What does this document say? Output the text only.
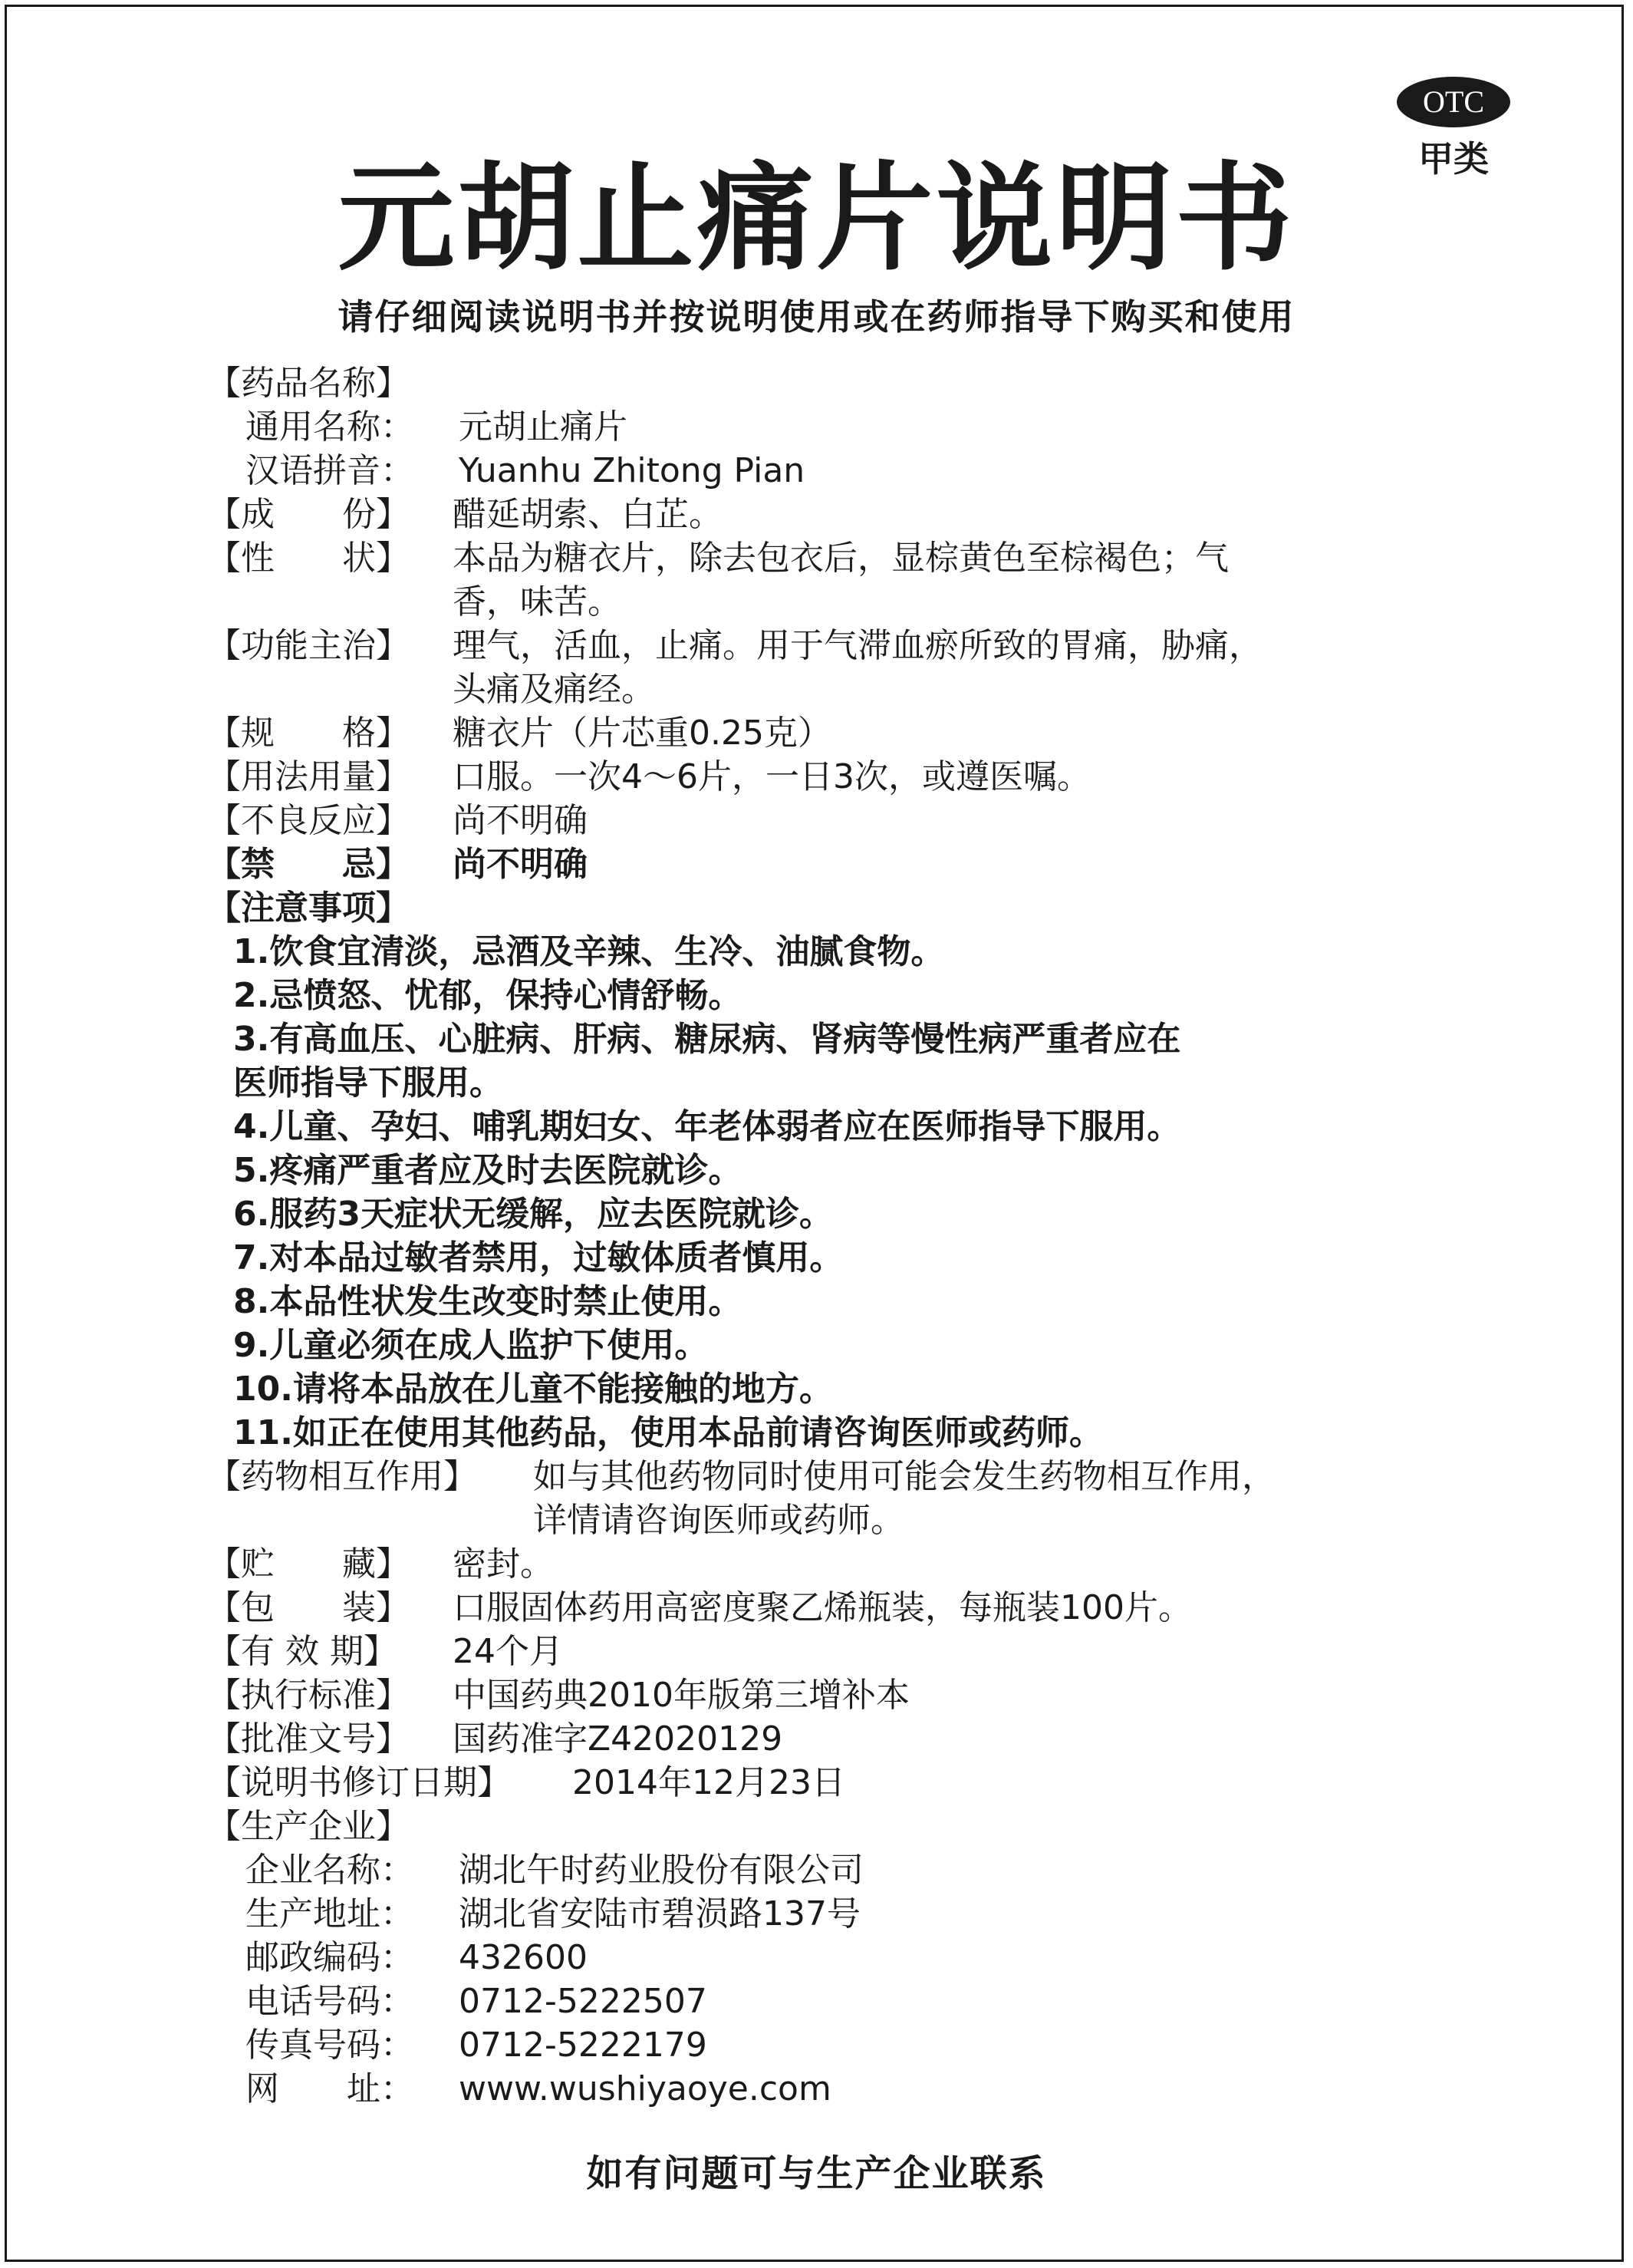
OTC
甲类
元胡止痛片说明书
请仔细阅读说明书并按说明使用或在药师指导下购买和使用
【药品名称】
通用名称： 元胡止痛片
汉语拼音： Yuanhu Zhitong Pian
【成　　份】 醋延胡索、白芷。
【性　　状】 本品为糖衣片，除去包衣后，显棕黄色至棕褐色；气
香，味苦。
【功能主治】 理气，活血，止痛。用于气滞血瘀所致的胃痛，胁痛，
头痛及痛经。
【规　　格】 糖衣片（片芯重0.25克）
【用法用量】 口服。一次4～6片，一日3次，或遵医嘱。
【不良反应】 尚不明确
【禁　　忌】 尚不明确
【注意事项】
1.饮食宜清淡，忌酒及辛辣、生冷、油腻食物。
2.忌愤怒、忧郁，保持心情舒畅。
3.有高血压、心脏病、肝病、糖尿病、肾病等慢性病严重者应在
医师指导下服用。
4.儿童、孕妇、哺乳期妇女、年老体弱者应在医师指导下服用。
5.疼痛严重者应及时去医院就诊。
6.服药3天症状无缓解，应去医院就诊。
7.对本品过敏者禁用，过敏体质者慎用。
8.本品性状发生改变时禁止使用。
9.儿童必须在成人监护下使用。
10.请将本品放在儿童不能接触的地方。
11.如正在使用其他药品，使用本品前请咨询医师或药师。
【药物相互作用】 如与其他药物同时使用可能会发生药物相互作用，
详情请咨询医师或药师。
【贮　　藏】 密封。
【包　　装】 口服固体药用高密度聚乙烯瓶装，每瓶装100片。
【有 效 期】 24个月
【执行标准】 中国药典2010年版第三增补本
【批准文号】 国药准字Z42020129
【说明书修订日期】 2014年12月23日
【生产企业】
企业名称： 湖北午时药业股份有限公司
生产地址： 湖北省安陆市碧涢路137号
邮政编码： 432600
电话号码： 0712-5222507
传真号码： 0712-5222179
网　　址： www.wushiyaoye.com
如有问题可与生产企业联系
